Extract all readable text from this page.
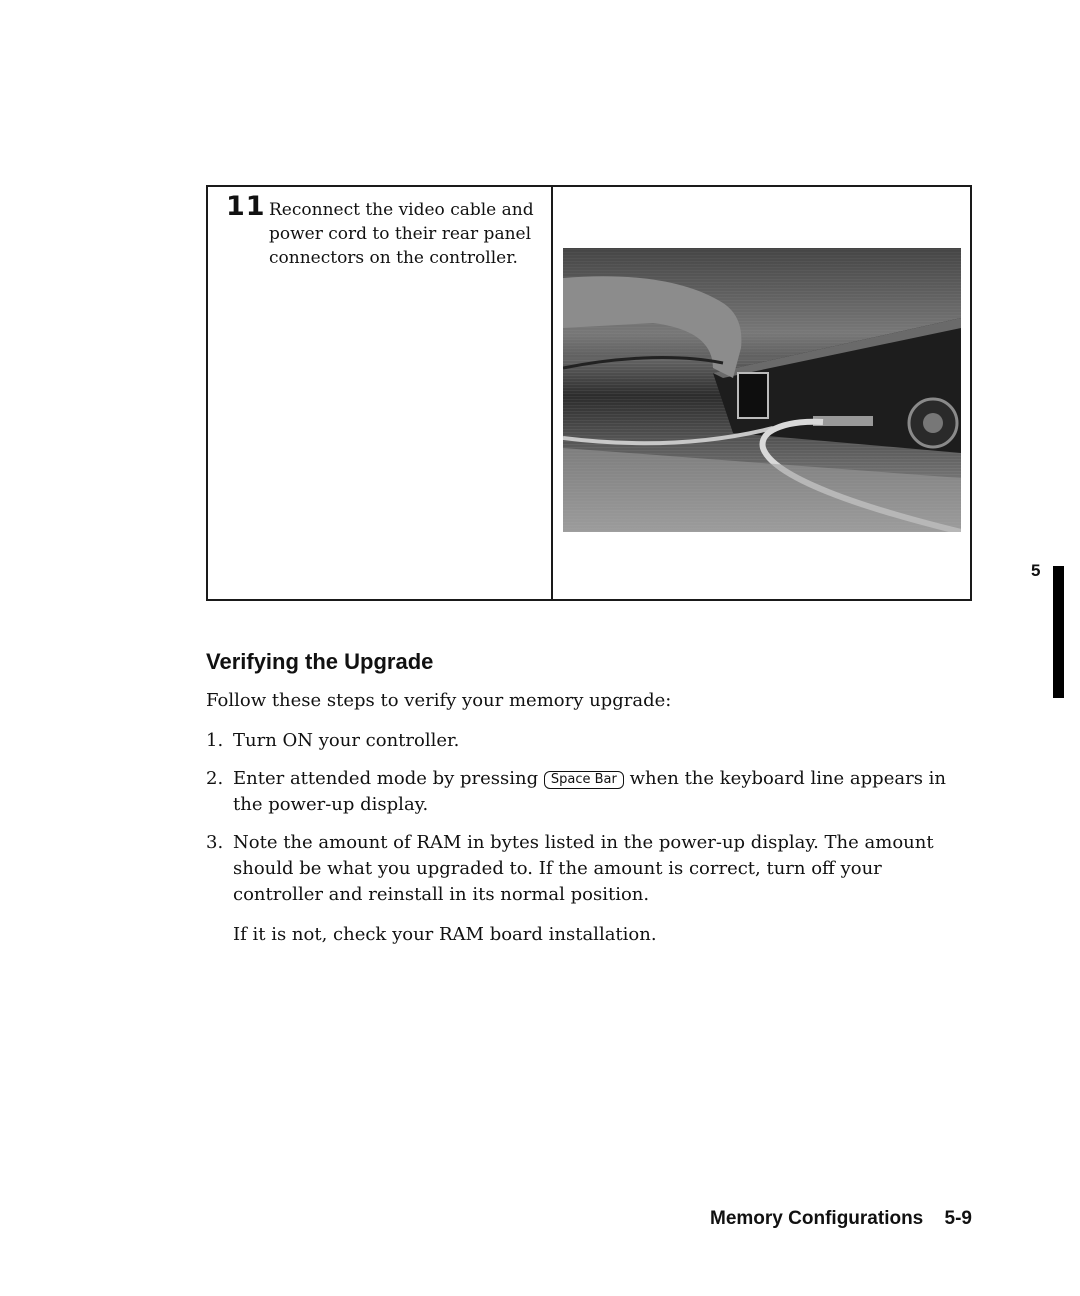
11 Reconnect the video cable and power cord to their rear panel connectors on the controller.

Verifying the Upgrade

Follow these steps to verify your memory upgrade:

1. Turn ON your controller.
2. Enter attended mode by pressing Space Bar when the keyboard line appears in the power-up display.
3. Note the amount of RAM in bytes listed in the power-up display. The amount should be what you upgraded to. If the amount is correct, turn off your controller and reinstall in its normal position.

If it is not, check your RAM board installation.

5
Memory Configurations 5-9
